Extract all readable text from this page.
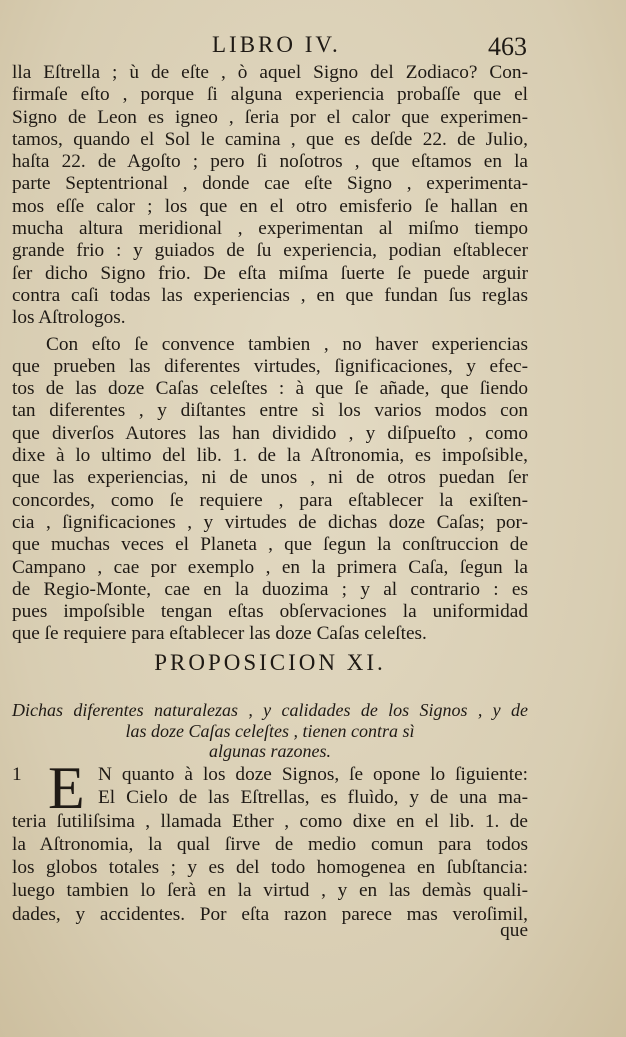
LIBRO IV.	463
lla Eſtrella ; ù de eſte , ò aquel Signo del Zodiaco? Con-
firmaſe eſto , porque ſi alguna experiencia probaſſe que el
Signo de Leon es igneo , ſeria por el calor que experimen-
tamos, quando el Sol le camina , que es deſde 22. de Julio,
haſta 22. de Agoſto ; pero ſi noſotros , que eſtamos en la
parte Septentrional , donde cae eſte Signo , experimenta-
mos eſſe calor ; los que en el otro emisferio ſe hallan en
mucha altura meridional , experimentan al miſmo tiempo
grande frio : y guiados de ſu experiencia, podian eſtablecer
ſer dicho Signo frio. De eſta miſma ſuerte ſe puede arguir
contra caſi todas las experiencias , en que fundan ſus reglas
los Aſtrologos.
Con eſto ſe convence tambien , no haver experiencias
que prueben las diferentes virtudes, ſignificaciones, y efec-
tos de las doze Caſas celeſtes : à que ſe añade, que ſiendo
tan diferentes , y diſtantes entre sì los varios modos con
que diverſos Autores las han dividido , y diſpueſto , como
dixe à lo ultimo del lib. 1. de la Aſtronomia, es impoſsible,
que las experiencias, ni de unos , ni de otros puedan ſer
concordes, como ſe requiere , para eſtablecer la exiſten-
cia , ſignificaciones , y virtudes de dichas doze Caſas; por-
que muchas veces el Planeta , que ſegun la conſtruccion de
Campano , cae por exemplo , en la primera Caſa, ſegun la
de Regio-Monte, cae en la duozima ; y al contrario : es
pues impoſsible tengan eſtas obſervaciones la uniformidad
que ſe requiere para eſtablecer las doze Caſas celeſtes.
PROPOSICION XI.
Dichas diferentes naturalezas , y calidades de los Signos , y de
las doze Caſas celeſtes , tienen contra sì
algunas razones.
1 E N quanto à los doze Signos, ſe opone lo ſiguiente:
El Cielo de las Eſtrellas, es fluìdo, y de una ma-
teria ſutiliſsima , llamada Ether , como dixe en el lib. 1. de
la Aſtronomia, la qual ſirve de medio comun para todos
los globos totales ; y es del todo homogenea en ſubſtancia:
luego tambien lo ſerà en la virtud , y en las demàs quali-
dades, y accidentes. Por eſta razon parece mas veroſimil,
que
